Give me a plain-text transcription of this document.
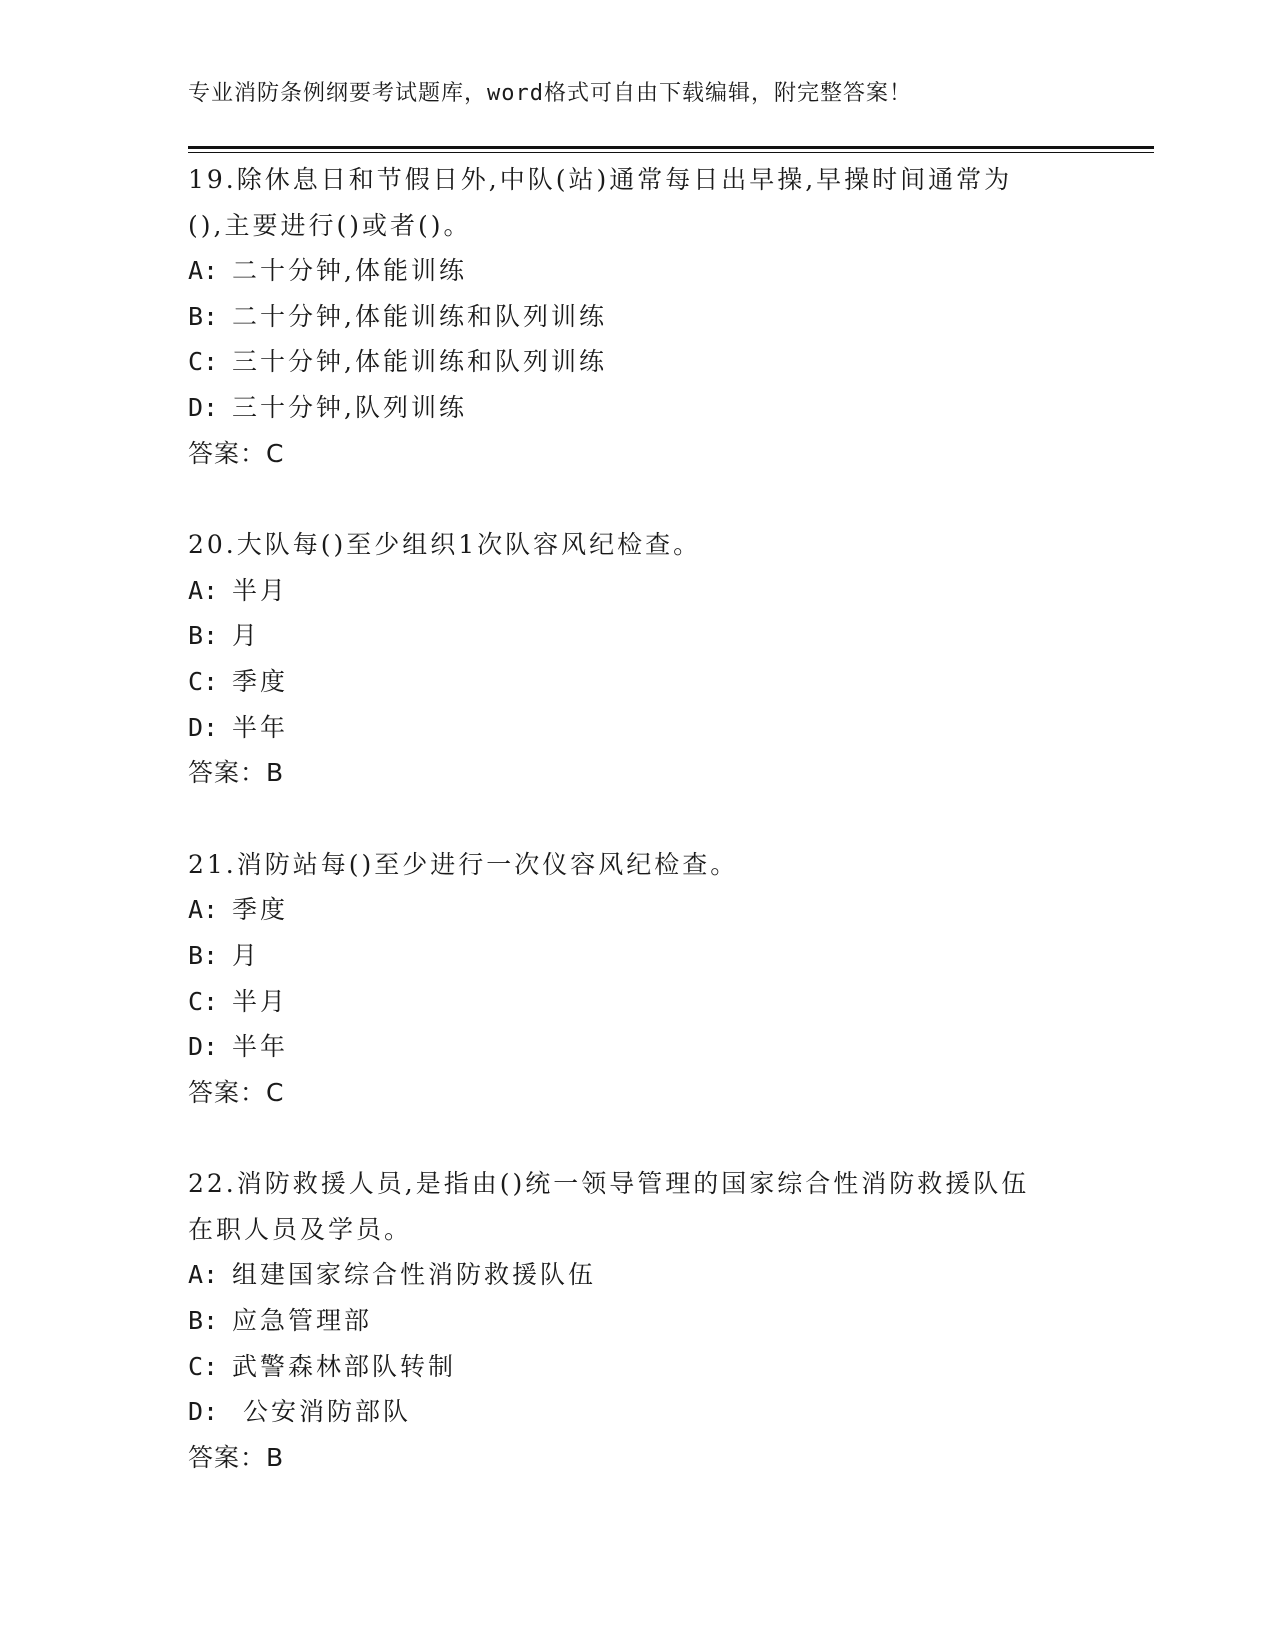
专业消防条例纲要考试题库，word格式可自由下载编辑，附完整答案！
19.除休息日和节假日外,中队(站)通常每日出早操,早操时间通常为
(),主要进行()或者()。
A: 二十分钟,体能训练
B: 二十分钟,体能训练和队列训练
C: 三十分钟,体能训练和队列训练
D: 三十分钟,队列训练
答案：C
20.大队每()至少组织1次队容风纪检查。
A: 半月
B: 月
C: 季度
D: 半年
答案：B
21.消防站每()至少进行一次仪容风纪检查。
A: 季度
B: 月
C: 半月
D: 半年
答案：C
22.消防救援人员,是指由()统一领导管理的国家综合性消防救援队伍
在职人员及学员。
A: 组建国家综合性消防救援队伍
B: 应急管理部
C: 武警森林部队转制
D: 公安消防部队
答案：B
